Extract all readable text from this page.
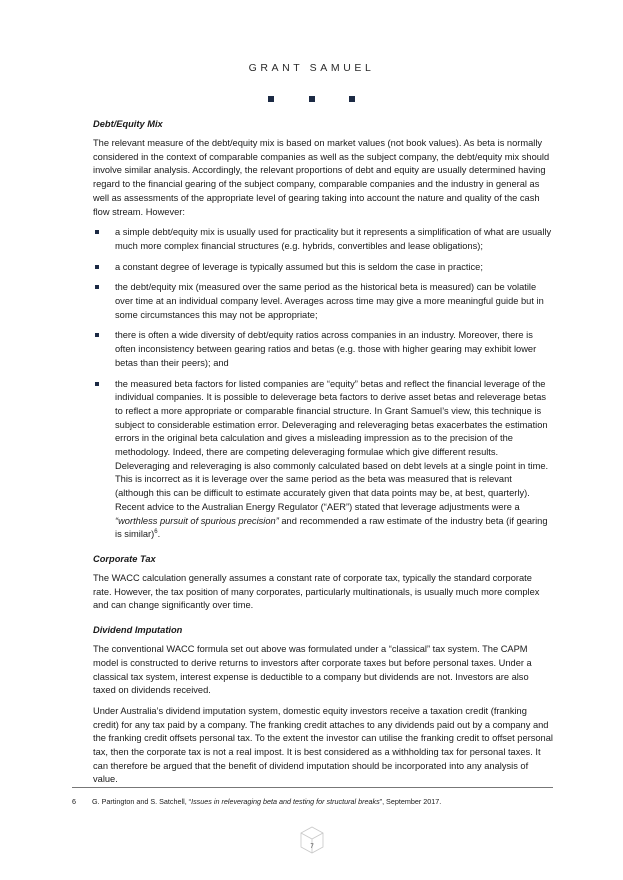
GRANT SAMUEL

Debt/Equity Mix

The relevant measure of the debt/equity mix is based on market values (not book values). As beta is normally considered in the context of comparable companies as well as the subject company, the debt/equity mix should involve similar analysis. Accordingly, the relevant proportions of debt and equity are usually determined having regard to the financial gearing of the subject company, comparable companies and the industry in general as well as assessments of the appropriate level of gearing taking into account the nature and quality of the cash flow stream. However:

a simple debt/equity mix is usually used for practicality but it represents a simplification of what are usually much more complex financial structures (e.g. hybrids, convertibles and lease obligations);
a constant degree of leverage is typically assumed but this is seldom the case in practice;
the debt/equity mix (measured over the same period as the historical beta is measured) can be volatile over time at an individual company level. Averages across time may give a more meaningful guide but in some circumstances this may not be appropriate;
there is often a wide diversity of debt/equity ratios across companies in an industry. Moreover, there is often inconsistency between gearing ratios and betas (e.g. those with higher gearing may exhibit lower betas than their peers); and
the measured beta factors for listed companies are “equity” betas and reflect the financial leverage of the individual companies. It is possible to deleverage beta factors to derive asset betas and releverage betas to reflect a more appropriate or comparable financial structure. In Grant Samuel’s view, this technique is subject to considerable estimation error. Deleveraging and releveraging betas exacerbates the estimation errors in the original beta calculation and gives a misleading impression as to the precision of the methodology. Indeed, there are competing deleveraging formulae which give different results. Deleveraging and releveraging is also commonly calculated based on debt levels at a single point in time. This is incorrect as it is leverage over the same period as the beta was measured that is relevant (although this can be difficult to estimate accurately given that data points may be, at best, quarterly). Recent advice to the Australian Energy Regulator (“AER”) stated that leverage adjustments were a “worthless pursuit of spurious precision” and recommended a raw estimate of the industry beta (if gearing is similar)$^6$.
Corporate Tax

The WACC calculation generally assumes a constant rate of corporate tax, typically the standard corporate rate. However, the tax position of many corporates, particularly multinationals, is usually much more complex and can change significantly over time.

Dividend Imputation

The conventional WACC formula set out above was formulated under a “classical” tax system. The CAPM model is constructed to derive returns to investors after corporate taxes but before personal taxes. Under a classical tax system, interest expense is deductible to a company but dividends are not. Investors are also taxed on dividends received.

Under Australia’s dividend imputation system, domestic equity investors receive a taxation credit (franking credit) for any tax paid by a company. The franking credit attaches to any dividends paid out by a company and the franking credit offsets personal tax. To the extent the investor can utilise the franking credit to offset personal tax, then the corporate tax is not a real impost. It is best considered as a withholding tax for personal taxes. It can therefore be argued that the benefit of dividend imputation should be incorporated into any analysis of value.

6 G. Partington and S. Satchell, “Issues in releveraging beta and testing for structural breaks”, September 2017.
7
